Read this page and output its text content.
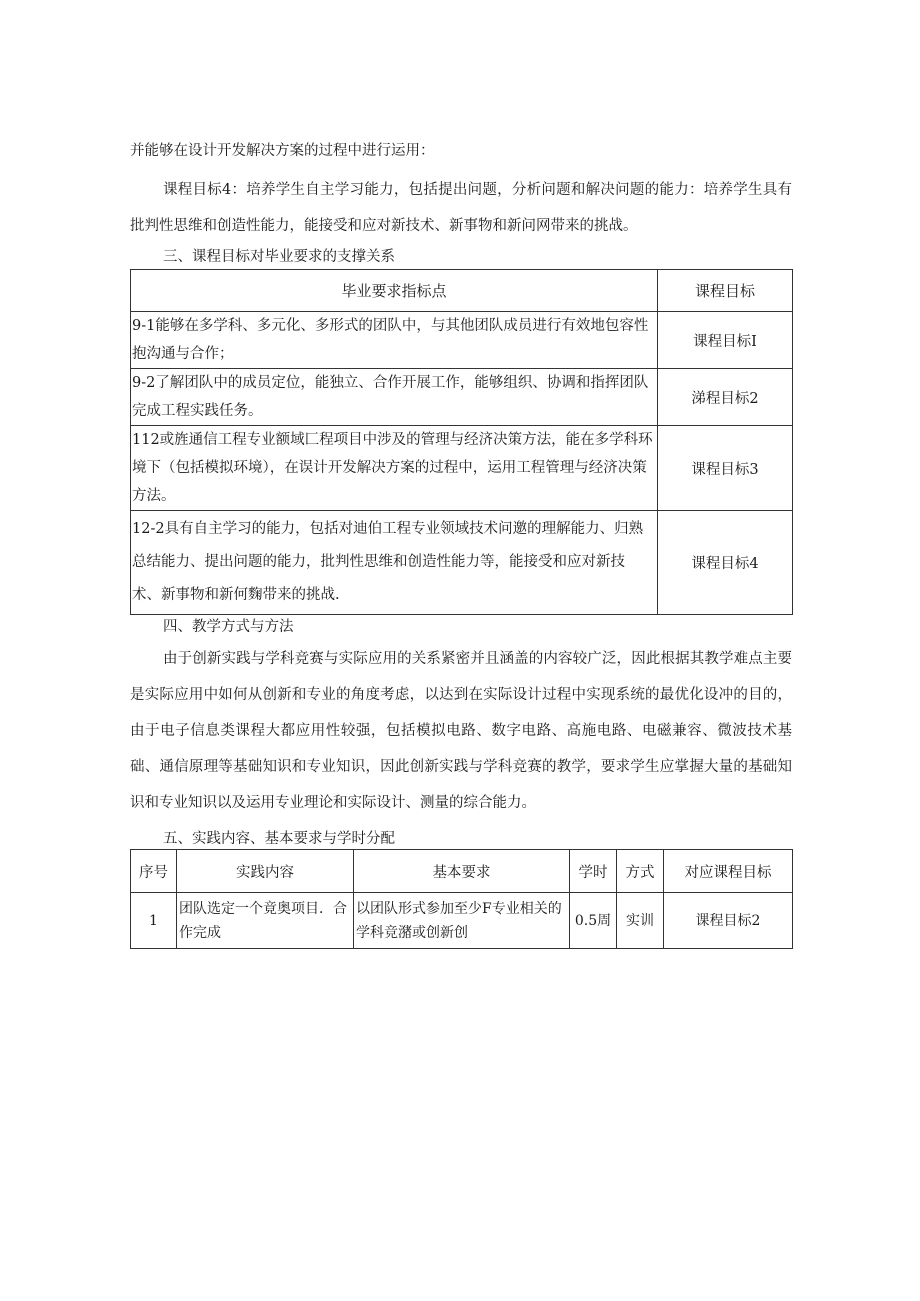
并能够在设计开发解决方案的过程中进行运用：
课程目标4：培养学生自主学习能力，包括提出问题，分析问题和解决问题的能力：培养学生具有批判性思维和创造性能力，能接受和应对新技术、新事物和新问网带来的挑战。
三、课程目标对毕业要求的支撑关系
毕业要求指标点	课程目标
9-1能够在多学科、多元化、多形式的团队中，与其他团队成员进行有效地包容性抱沟通与合作；	课程目标I
9-2了解团队中的成员定位，能独立、合作开展工作，能够组织、协调和指挥团队完成工程实践任务。	涕程目标2
112或旌通信工程专业额域匚程项目中涉及的管理与经济决策方法，能在多学科环境下（包括模拟环境），在误计开发解决方案的过程中，运用工程管理与经济决策方法。	课程目标3
12-2具有自主学习的能力，包括对迪伯工程专业领域技术问邀的理解能力、归熟总结能力、提出问题的能力，批判性思维和创造性能力等，能接受和应对新技术、新事物和新何麴带来的挑战.	课程目标4
四、教学方式与方法
由于创新实践与学科竞赛与实际应用的关系紧密并且涵盖的内容较广泛，因此根据其教学难点主要是实际应用中如何从创新和专业的角度考虑，以达到在实际设计过程中实现系统的最优化设冲的目的，由于电子信息类课程大都应用性较强，包括模拟电路、数字电路、高施电路、电磁兼容、微波技术基础、通信原理等基础知识和专业知识，因此创新实践与学科竞赛的教学，要求学生应掌握大量的基础知识和专业知识以及运用专业理论和实际设计、测量的综合能力。
五、实践内容、基本要求与学时分配
序号	实践内容	基本要求	学时	方式	对应课程目标
1	团队选定一个竟奥项目．合作完成	以团队形式参加至少F专业相关的学科竞潴或创新创	0.5周	实训	课程目标2
